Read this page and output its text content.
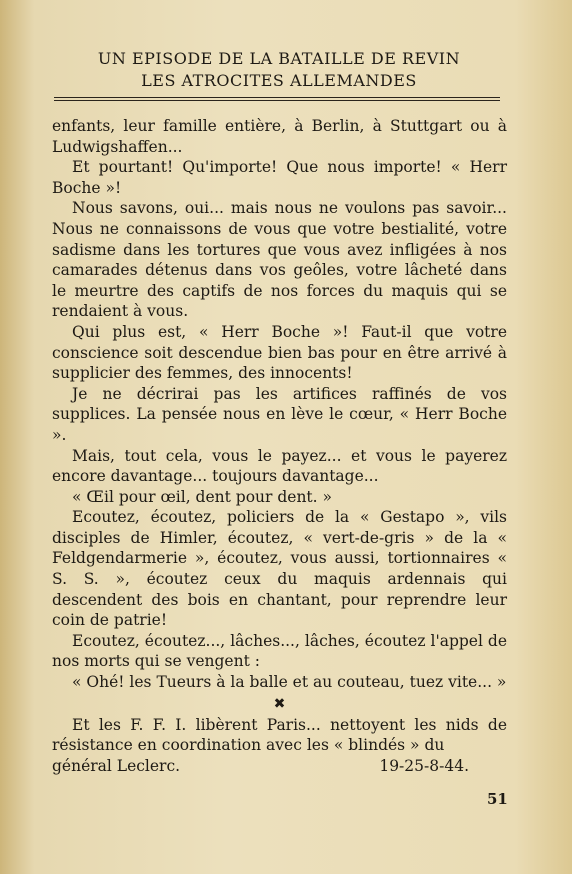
UN EPISODE DE LA BATAILLE DE REVIN
LES ATROCITES ALLEMANDES

enfants, leur famille entière, à Berlin, à Stuttgart ou à Ludwigshaffen...

Et pourtant! Qu'importe! Que nous importe! « Herr Boche »!

Nous savons, oui... mais nous ne voulons pas savoir... Nous ne connaissons de vous que votre bestialité, votre sadisme dans les tortures que vous avez infligées à nos camarades détenus dans vos geôles, votre lâcheté dans le meurtre des captifs de nos forces du maquis qui se rendaient à vous.

Qui plus est, « Herr Boche »! Faut-il que votre conscience soit descendue bien bas pour en être arrivé à supplicier des femmes, des innocents!

Je ne décrirai pas les artifices raffinés de vos supplices. La pensée nous en lève le cœur, « Herr Boche ».

Mais, tout cela, vous le payez... et vous le payerez encore davantage... toujours davantage...

« Œil pour œil, dent pour dent. »

Ecoutez, écoutez, policiers de la « Gestapo », vils disciples de Himler, écoutez, « vert-de-gris » de la « Feldgendarmerie », écoutez, vous aussi, tortionnaires « S. S. », écoutez ceux du maquis ardennais qui descendent des bois en chantant, pour reprendre leur coin de patrie!

Ecoutez, écoutez..., lâches..., lâches, écoutez l'appel de nos morts qui se vengent :

« Ohé! les Tueurs à la balle et au couteau, tuez vite... »

✖

Et les F. F. I. libèrent Paris... nettoyent les nids de résistance en coordination avec les « blindés » du

général Leclerc.	19-25-8-44.
51
